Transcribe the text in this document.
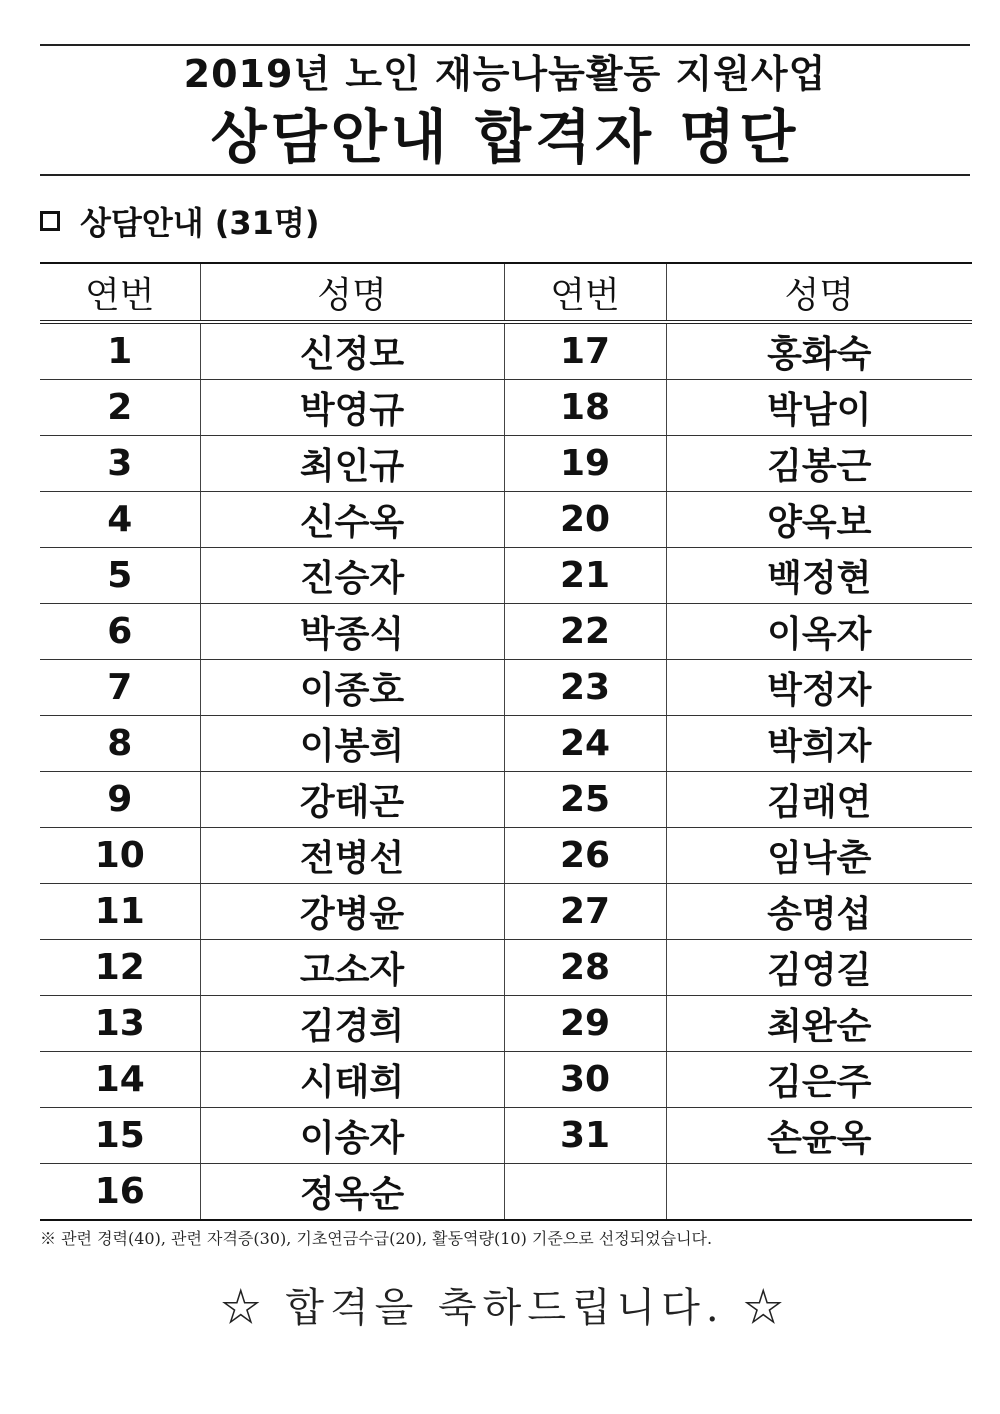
2019년 노인 재능나눔활동 지원사업
상담안내 합격자 명단
상담안내 (31명)
연번	성명	연번	성명
1	신정모	17	홍화숙
2	박영규	18	박남이
3	최인규	19	김봉근
4	신수옥	20	양옥보
5	진승자	21	백정현
6	박종식	22	이옥자
7	이종호	23	박정자
8	이봉희	24	박희자
9	강태곤	25	김래연
10	전병선	26	임낙춘
11	강병윤	27	송명섭
12	고소자	28	김영길
13	김경희	29	최완순
14	시태희	30	김은주
15	이송자	31	손윤옥
16	정옥순		
※ 관련 경력(40), 관련 자격증(30), 기초연금수급(20), 활동역량(10) 기준으로 선정되었습니다.
☆ 합격을 축하드립니다. ☆
